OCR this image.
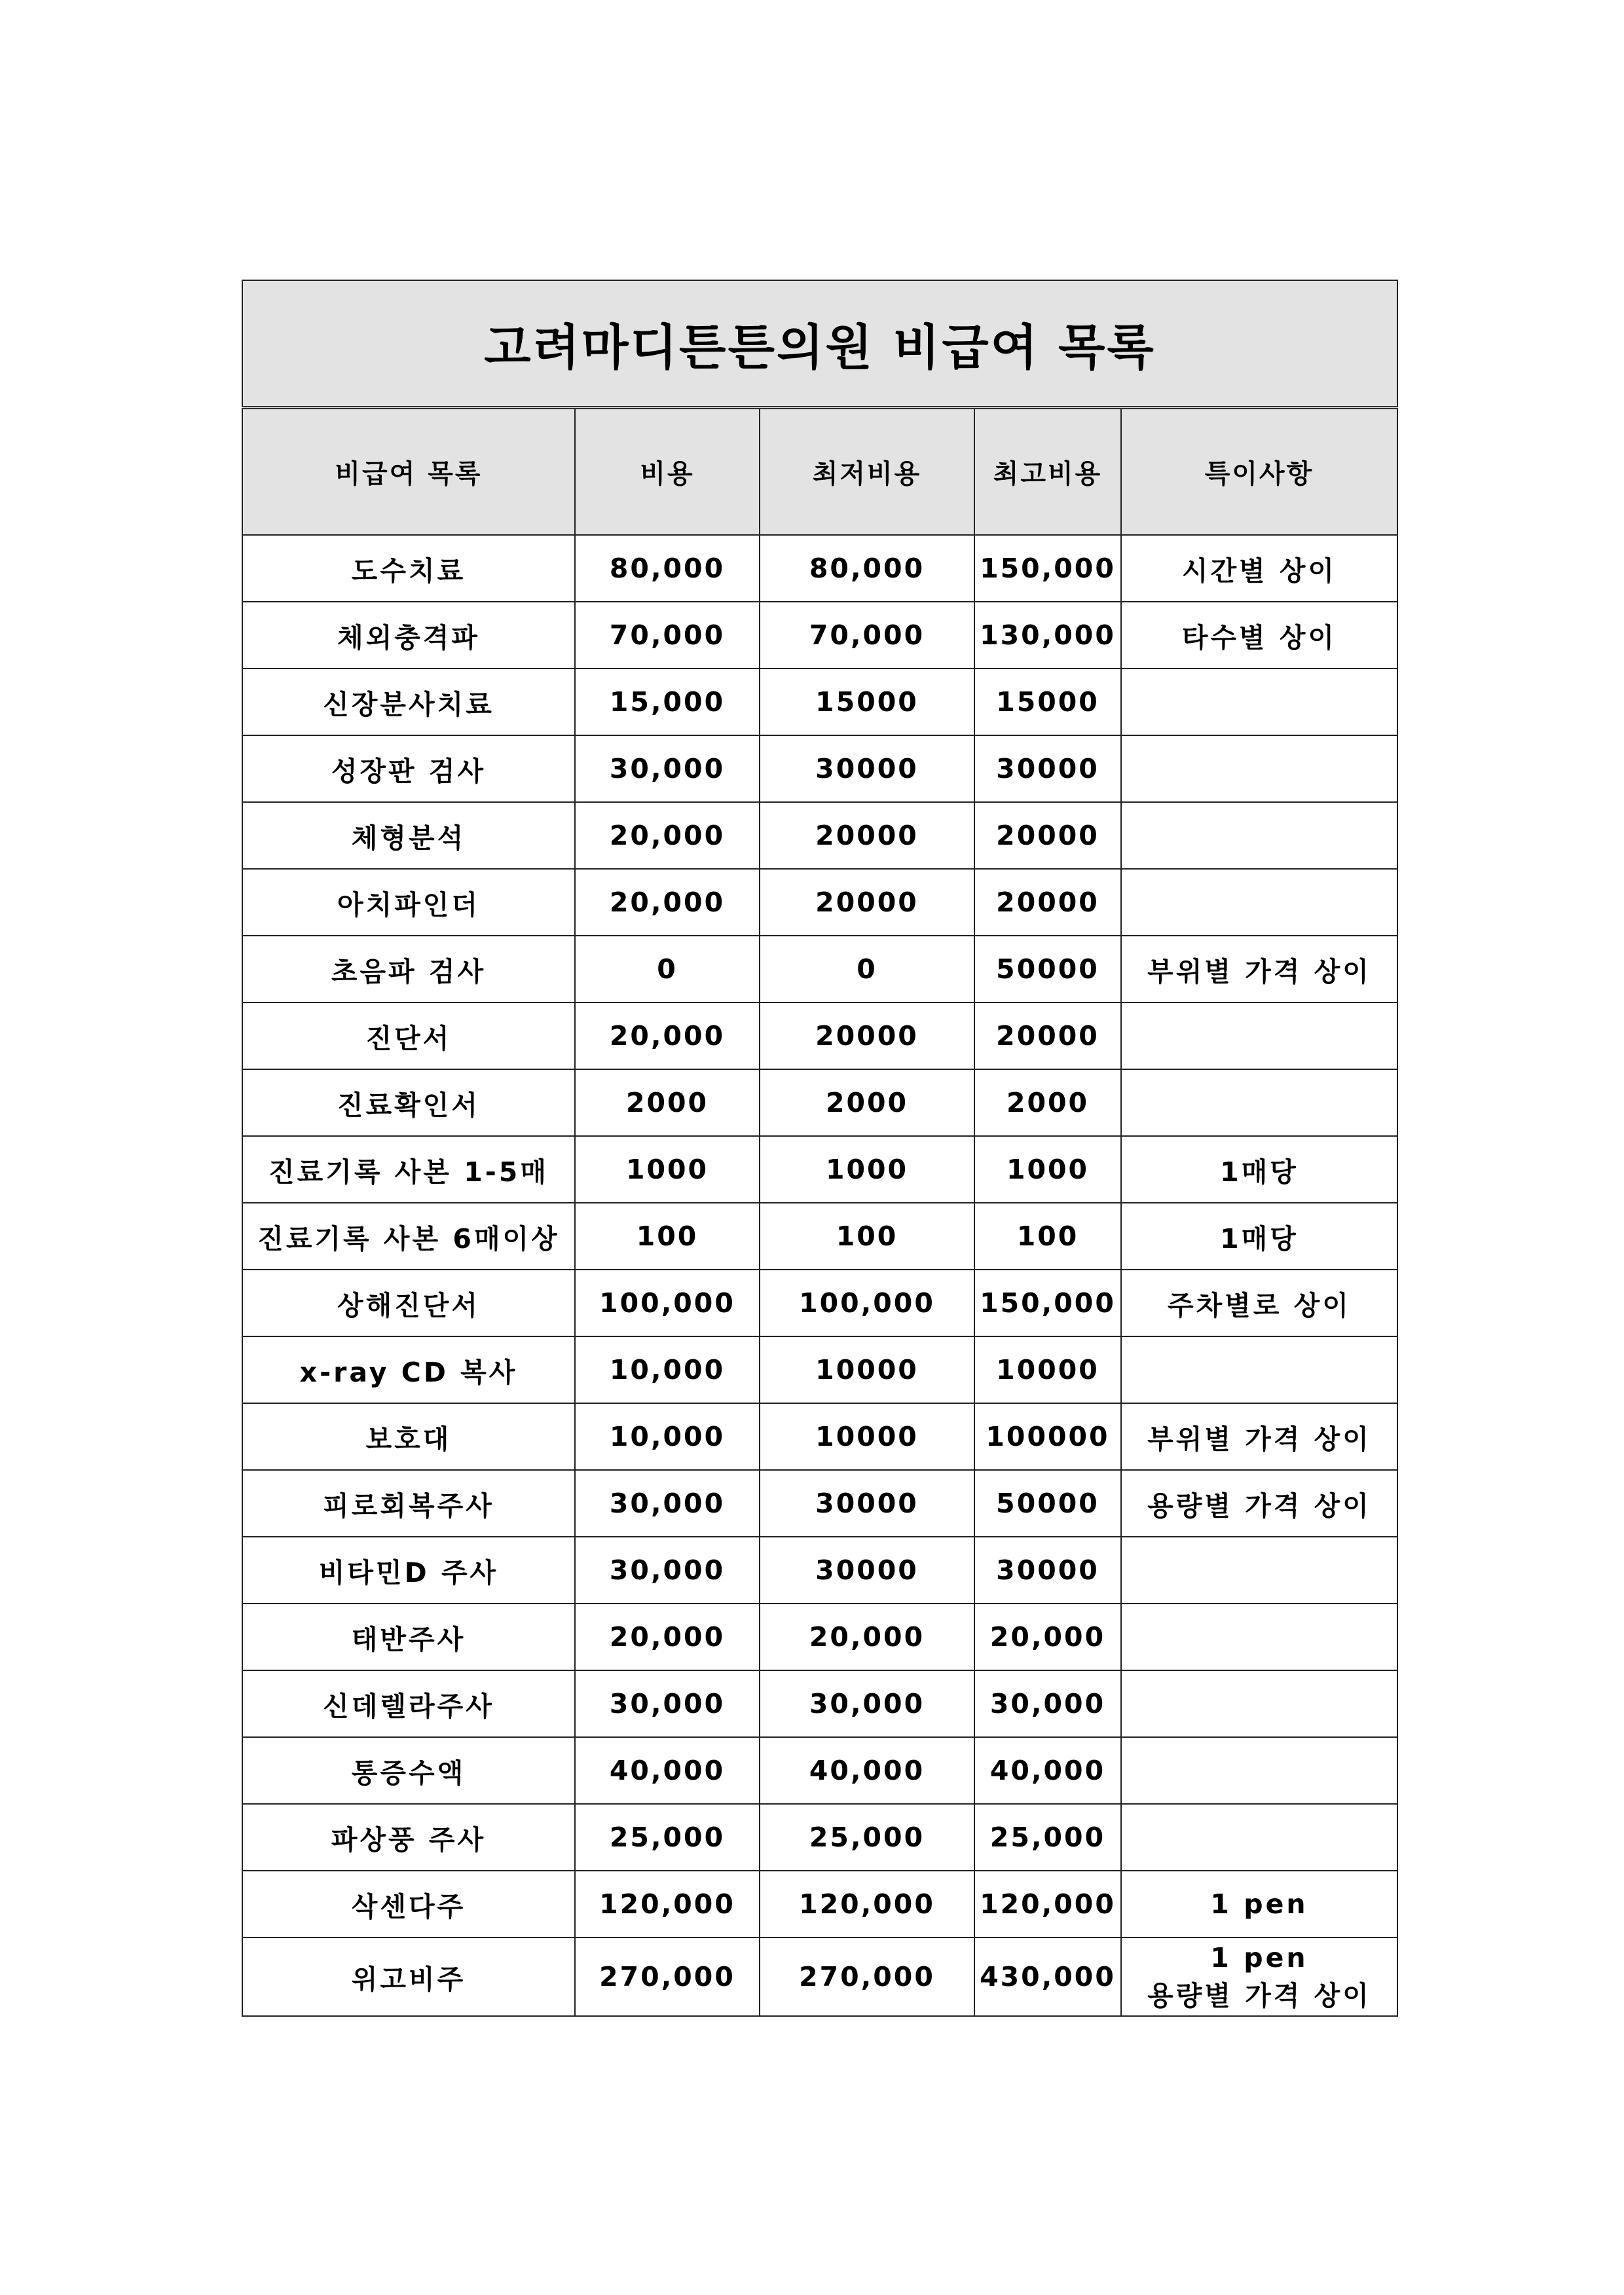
고려마디튼튼의원 비급여 목록				
비급여 목록	비용	최저비용	최고비용	특이사항
도수치료	80,000	80,000	150,000	시간별 상이
체외충격파	70,000	70,000	130,000	타수별 상이
신장분사치료	15,000	15000	15000	
성장판 검사	30,000	30000	30000	
체형분석	20,000	20000	20000	
아치파인더	20,000	20000	20000	
초음파 검사	0	0	50000	부위별 가격 상이
진단서	20,000	20000	20000	
진료확인서	2000	2000	2000	
진료기록 사본 1-5매	1000	1000	1000	1매당
진료기록 사본 6매이상	100	100	100	1매당
상해진단서	100,000	100,000	150,000	주차별로 상이
x-ray CD 복사	10,000	10000	10000	
보호대	10,000	10000	100000	부위별 가격 상이
피로회복주사	30,000	30000	50000	용량별 가격 상이
비타민D 주사	30,000	30000	30000	
태반주사	20,000	20,000	20,000	
신데렐라주사	30,000	30,000	30,000	
통증수액	40,000	40,000	40,000	
파상풍 주사	25,000	25,000	25,000	
삭센다주	120,000	120,000	120,000	1 pen
위고비주	270,000	270,000	430,000	1 pen
용량별 가격 상이
